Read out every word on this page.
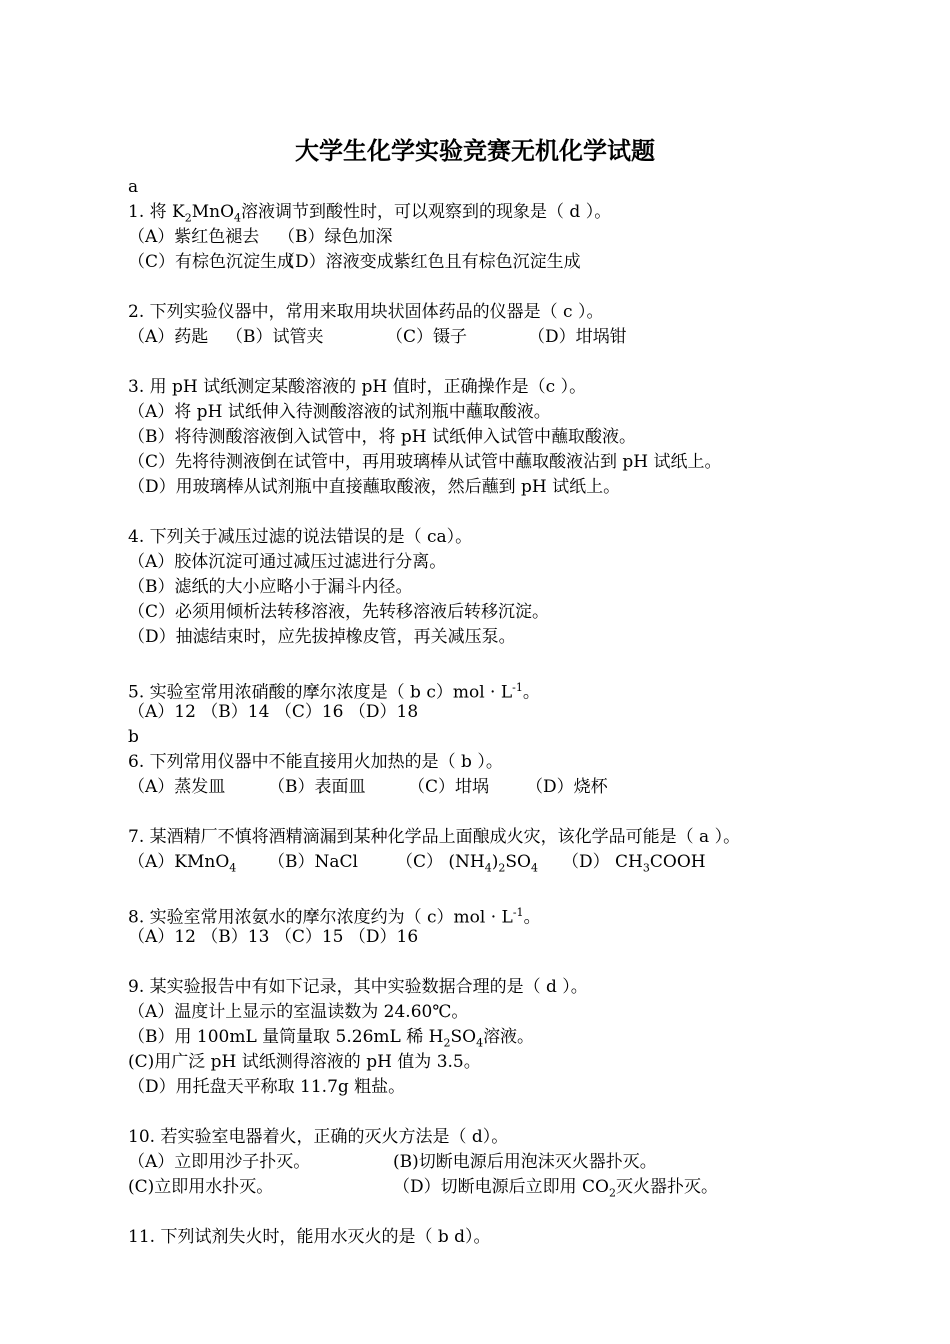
大学生化学实验竞赛无机化学试题
a
1. 将 $K_2MnO_4$溶液调节到酸性时，可以观察到的现象是（ d ）。
（A）紫红色褪去 （B）绿色加深
（C）有棕色沉淀生成（D）溶液变成紫红色且有棕色沉淀生成
2. 下列实验仪器中，常用来取用块状固体药品的仪器是（ c ）。
（A）药匙 （B）试管夹	（C）镊子	（D）坩埚钳
3. 用 pH 试纸测定某酸溶液的 pH 值时，正确操作是（c ）。
（A）将 pH 试纸伸入待测酸溶液的试剂瓶中蘸取酸液。
（B）将待测酸溶液倒入试管中，将 pH 试纸伸入试管中蘸取酸液。
（C）先将待测液倒在试管中，再用玻璃棒从试管中蘸取酸液沾到 pH 试纸上。
（D）用玻璃棒从试剂瓶中直接蘸取酸液，然后蘸到 pH 试纸上。
4. 下列关于减压过滤的说法错误的是（ ca）。
（A）胶体沉淀可通过减压过滤进行分离。
（B）滤纸的大小应略小于漏斗内径。
（C）必须用倾析法转移溶液，先转移溶液后转移沉淀。
（D）抽滤结束时，应先拔掉橡皮管，再关减压泵。
5. 实验室常用浓硝酸的摩尔浓度是（ b $c)mol \cdot L^{-1}$。
（A）12 （B）14 （C）16 （D）18
b
6. 下列常用仪器中不能直接用火加热的是（ b ）。
（A）蒸发皿	（B）表面皿	（C）坩埚 （D）烧杯
7. 某酒精厂不慎将酒精滴漏到某种化学品上面酿成火灾，该化学品可能是（ a ）。
（A）KMnO$_4$ （B）NaCl （C） $(NH_4)_2SO_4$ （D） $CH_3COOH$
8. 实验室常用浓氨水的摩尔浓度约为（ $c)mol \cdot L^{-1}$。
（A）12 （B）13 （C）15 （D）16
9. 某实验报告中有如下记录，其中实验数据合理的是（ d ）。
（A）温度计上显示的室温读数为 24.60℃。
（B）用 100mL 量筒量取 5.26mL 稀 $H_2SO_4$溶液。
(C)用广泛 pH 试纸测得溶液的 pH 值为 3.5。
（D）用托盘天平称取 11.7g 粗盐。
10. 若实验室电器着火，正确的灭火方法是（ d）。
（A）立即用沙子扑灭。	(B)切断电源后用泡沫灭火器扑灭。
(C)立即用水扑灭。	（D）切断电源后立即用 $CO_2$灭火器扑灭。
11. 下列试剂失火时，能用水灭火的是（ b d）。
